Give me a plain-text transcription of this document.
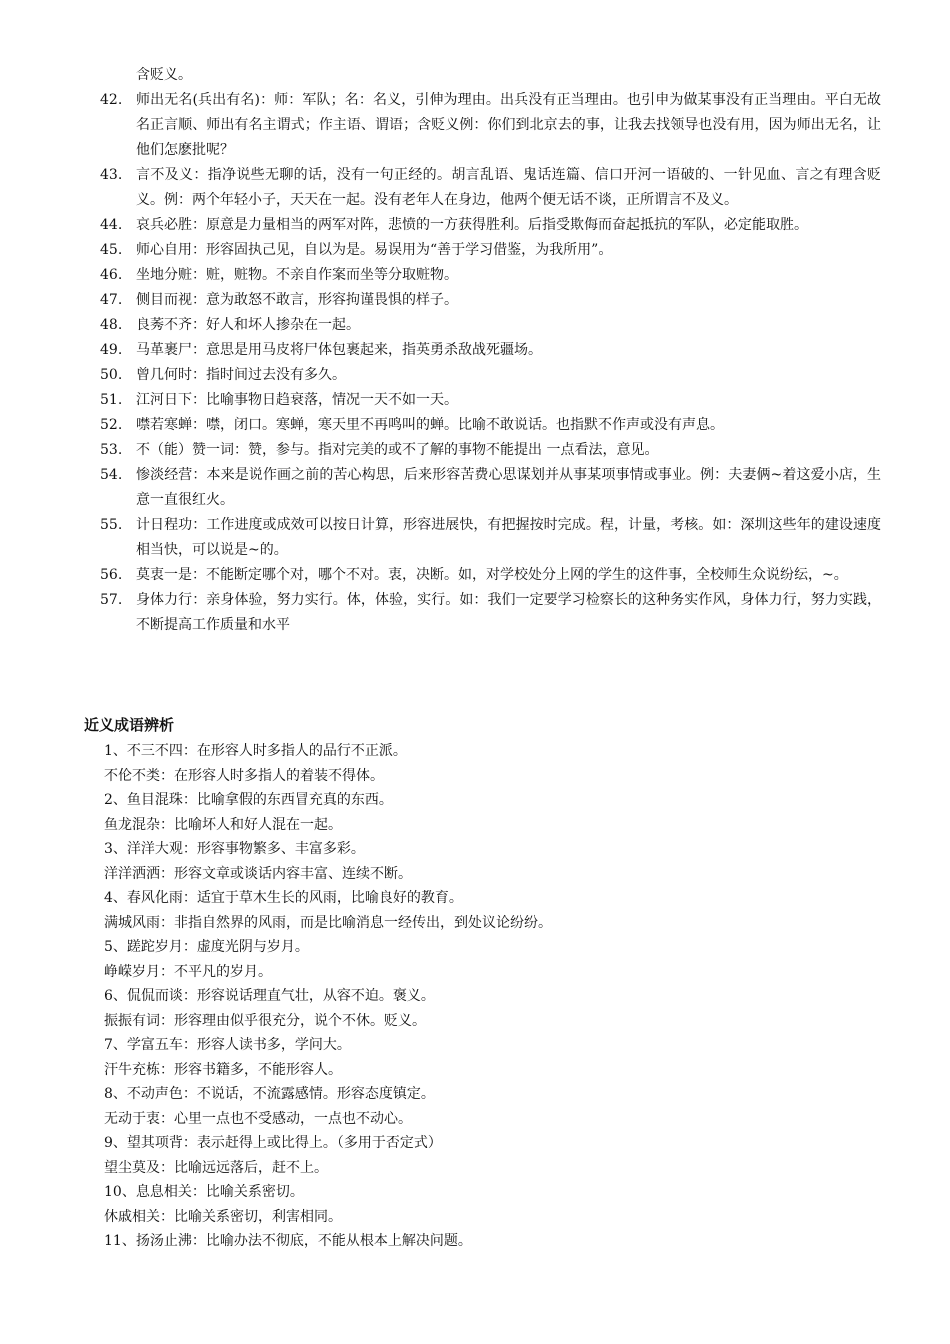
含贬义。
42. 师出无名(兵出有名)：师：军队；名：名义，引伸为理由。出兵没有正当理由。也引申为做某事没有正当理由。平白无故名正言顺、师出有名主谓式；作主语、谓语；含贬义例：你们到北京去的事，让我去找领导也没有用，因为师出无名，让他们怎麽批呢？
43. 言不及义：指净说些无聊的话，没有一句正经的。胡言乱语、鬼话连篇、信口开河一语破的、一针见血、言之有理含贬义。例：两个年轻小子，天天在一起。没有老年人在身边，他两个便无话不谈，正所谓言不及义。
44. 哀兵必胜：原意是力量相当的两军对阵，悲愤的一方获得胜利。后指受欺侮而奋起抵抗的军队，必定能取胜。
45. 师心自用：形容固执己见，自以为是。易误用为“善于学习借鉴，为我所用”。
46. 坐地分赃：赃，赃物。不亲自作案而坐等分取赃物。
47. 侧目而视：意为敢怒不敢言，形容拘谨畏惧的样子。
48. 良莠不齐：好人和坏人掺杂在一起。
49. 马革裹尸：意思是用马皮将尸体包裹起来，指英勇杀敌战死疆场。
50. 曾几何时：指时间过去没有多久。
51. 江河日下：比喻事物日趋衰落，情况一天不如一天。
52. 噤若寒蝉：噤，闭口。寒蝉，寒天里不再鸣叫的蝉。比喻不敢说话。也指默不作声或没有声息。
53. 不（能）赞一词：赞，参与。指对完美的或不了解的事物不能提出 一点看法，意见。
54. 惨淡经营：本来是说作画之前的苦心构思，后来形容苦费心思谋划并从事某项事情或事业。例：夫妻俩~着这爱小店，生意一直很红火。
55. 计日程功：工作进度或成效可以按日计算，形容进展快，有把握按时完成。程，计量，考核。如：深圳这些年的建设速度相当快，可以说是~的。
56. 莫衷一是：不能断定哪个对，哪个不对。衷，决断。如，对学校处分上网的学生的这件事，全校师生众说纷纭，~。
57. 身体力行：亲身体验，努力实行。体，体验，实行。如：我们一定要学习检察长的这种务实作风，身体力行，努力实践，不断提高工作质量和水平
近义成语辨析
1、不三不四：在形容人时多指人的品行不正派。
不伦不类：在形容人时多指人的着装不得体。
2、鱼目混珠：比喻拿假的东西冒充真的东西。
鱼龙混杂：比喻坏人和好人混在一起。
3、洋洋大观：形容事物繁多、丰富多彩。
洋洋洒洒：形容文章或谈话内容丰富、连续不断。
4、春风化雨：适宜于草木生长的风雨，比喻良好的教育。
满城风雨：非指自然界的风雨，而是比喻消息一经传出，到处议论纷纷。
5、蹉跎岁月：虚度光阴与岁月。
峥嵘岁月：不平凡的岁月。
6、侃侃而谈：形容说话理直气壮，从容不迫。褒义。
振振有词：形容理由似乎很充分，说个不休。贬义。
7、学富五车：形容人读书多，学问大。
汗牛充栋：形容书籍多，不能形容人。
8、不动声色：不说话，不流露感情。形容态度镇定。
无动于衷：心里一点也不受感动，一点也不动心。
9、望其项背：表示赶得上或比得上。（多用于否定式）
望尘莫及：比喻远远落后，赶不上。
10、息息相关：比喻关系密切。
休戚相关：比喻关系密切，利害相同。
11、扬汤止沸：比喻办法不彻底，不能从根本上解决问题。
